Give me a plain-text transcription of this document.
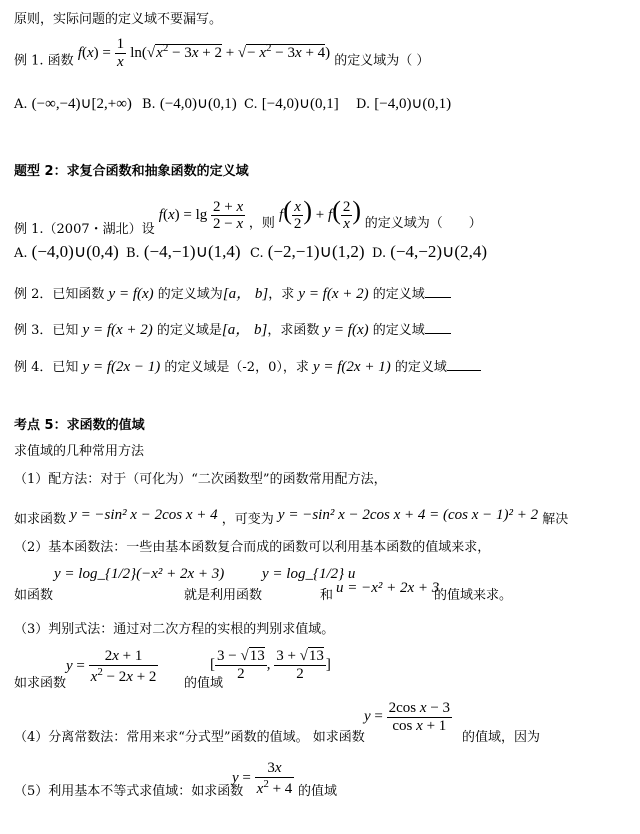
原则，实际问题的定义域不要漏写。
例 1. 函数 $f(x) = \frac{1}{x} \ln(√x^2 - 3x + 2$ + √− $x^2 - 3x + 4$) 的定义域为（ ）
A. (−∞,−4)∪[2,+∞) B. (−4,0)∪(0,1) C. [−4,0)∪(0,1] D. [−4,0)∪(0,1)
题型 2：求复合函数和抽象函数的定义域
例 1.（2007・湖北）设 $f(x) = \lg \frac{2 + x}{2 - x}$ ，则 $f( \frac{x}{2}$ ) + $f( \frac{2}{x}$ ) 的定义域为（　　）
A. (−4,0)∪(0,4) B. (−4,−1)∪(1,4) C. (−2,−1)∪(1,2) D. (−4,−2)∪(2,4)
例 2．已知函数 y = f(x) 的定义域为[a， b]，求 y = f(x + 2) 的定义域
例 3．已知 y = f(x + 2) 的定义域是[a， b]，求函数 y = f(x) 的定义域
例 4．已知 y = f(2x − 1) 的定义域是（-2，0），求 y = f(2x + 1) 的定义域
考点 5：求函数的值域
求值域的几种常用方法
（1）配方法：对于（可化为）“二次函数型”的函数常用配方法，
如求函数 y = −sin² x − 2cos x + 4 ，可变为 y = −sin² x − 2cos x + 4 = (cos x − 1)² + 2 解决
（2）基本函数法：一些由基本函数复合而成的函数可以利用基本函数的值域来求，
如函数
y = log_{1/2}(−x² + 2x + 3)
就是利用函数
y = log_{1/2} u
和 u = −x² + 2x + 3
的值域来求。
（3）判别式法：通过对二次方程的实根的判别求值域。
如求函数
$y = \frac{2x + 1}{x^2 - 2x + 2}$ 的值域
[ $\frac{3 - √13}{2}$ , $\frac{3 + √13}{2}$ ]
（4）分离常数法：常用来求“分式型”函数的值域。 如求函数
$y = \frac{\text{2cos x − 3}}{\text{cos x + 1}}$
的值域，因为
（5）利用基本不等式求值域：如求函数
$y = \frac{3x}{x^2 + 4}$ 的值域
